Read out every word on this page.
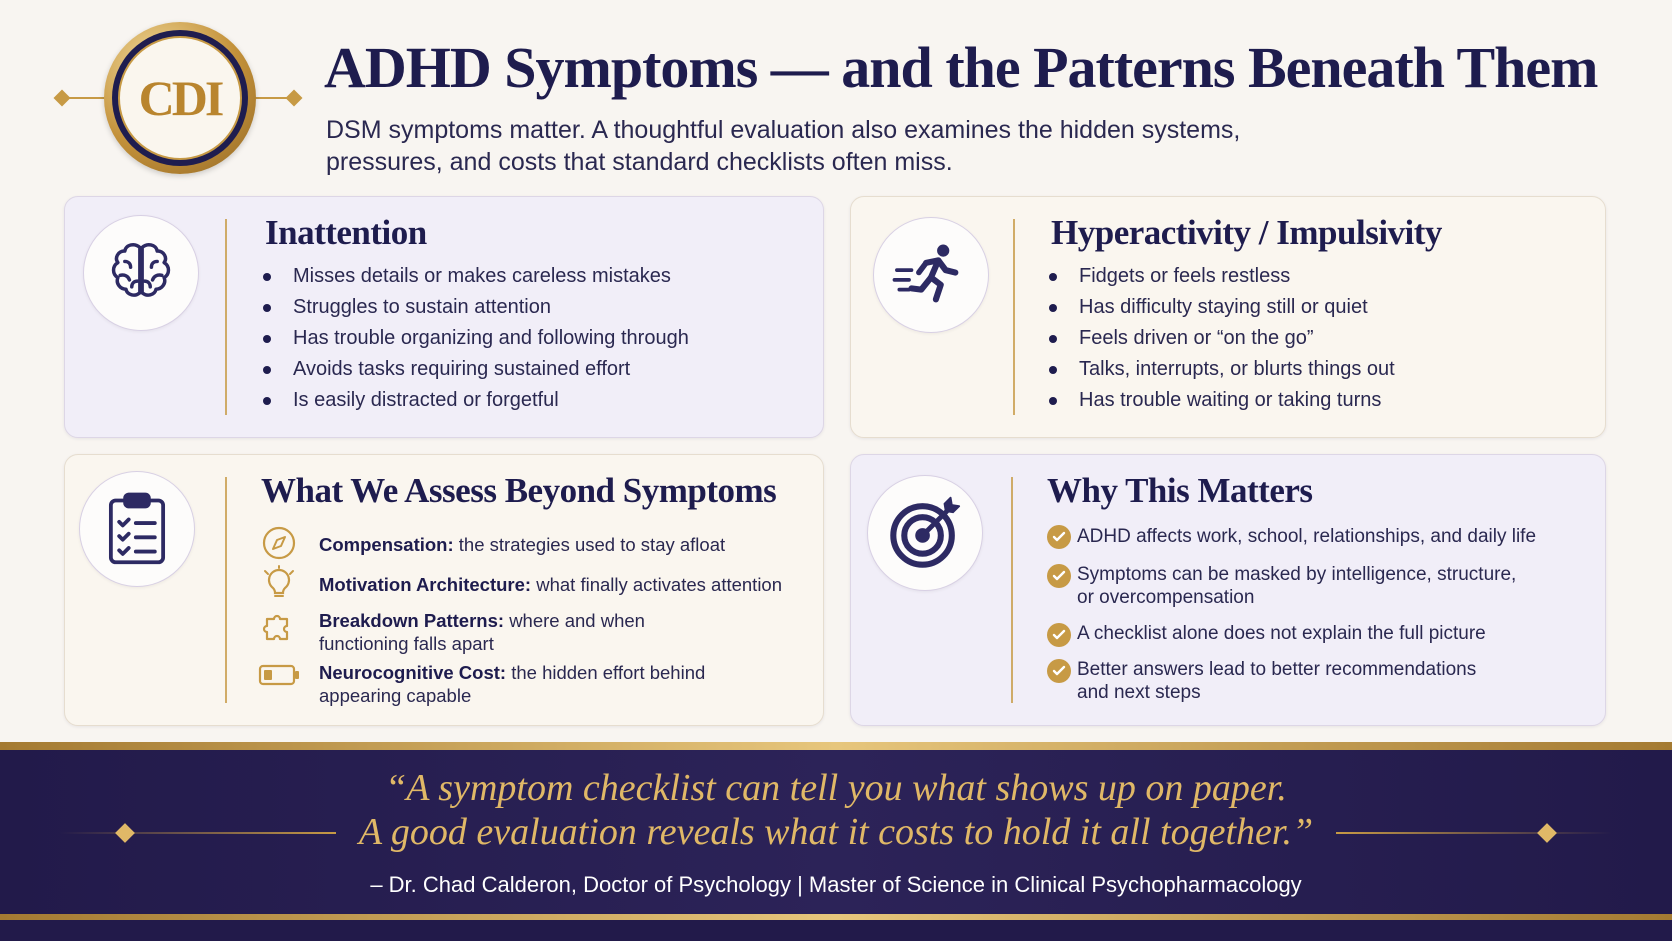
CDI ADHD Symptoms — and the Patterns Beneath Them
DSM symptoms matter. A thoughtful evaluation also examines the hidden systems,
pressures, and costs that standard checklists often miss.
Inattention
Misses details or makes careless mistakes
Struggles to sustain attention
Has trouble organizing and following through
Avoids tasks requiring sustained effort
Is easily distracted or forgetful
Hyperactivity / Impulsivity
Fidgets or feels restless
Has difficulty staying still or quiet
Feels driven or “on the go”
Talks, interrupts, or blurts things out
Has trouble waiting or taking turns
What We Assess Beyond Symptoms
Compensation: the strategies used to stay afloat
Motivation Architecture: what finally activates attention
Breakdown Patterns: where and when
functioning falls apart
Neurocognitive Cost: the hidden effort behind
appearing capable
Why This Matters
ADHD affects work, school, relationships, and daily life
Symptoms can be masked by intelligence, structure,
or overcompensation
A checklist alone does not explain the full picture
Better answers lead to better recommendations
and next steps
“A symptom checklist can tell you what shows up on paper.
A good evaluation reveals what it costs to hold it all together.”
– Dr. Chad Calderon, Doctor of Psychology | Master of Science in Clinical Psychopharmacology
